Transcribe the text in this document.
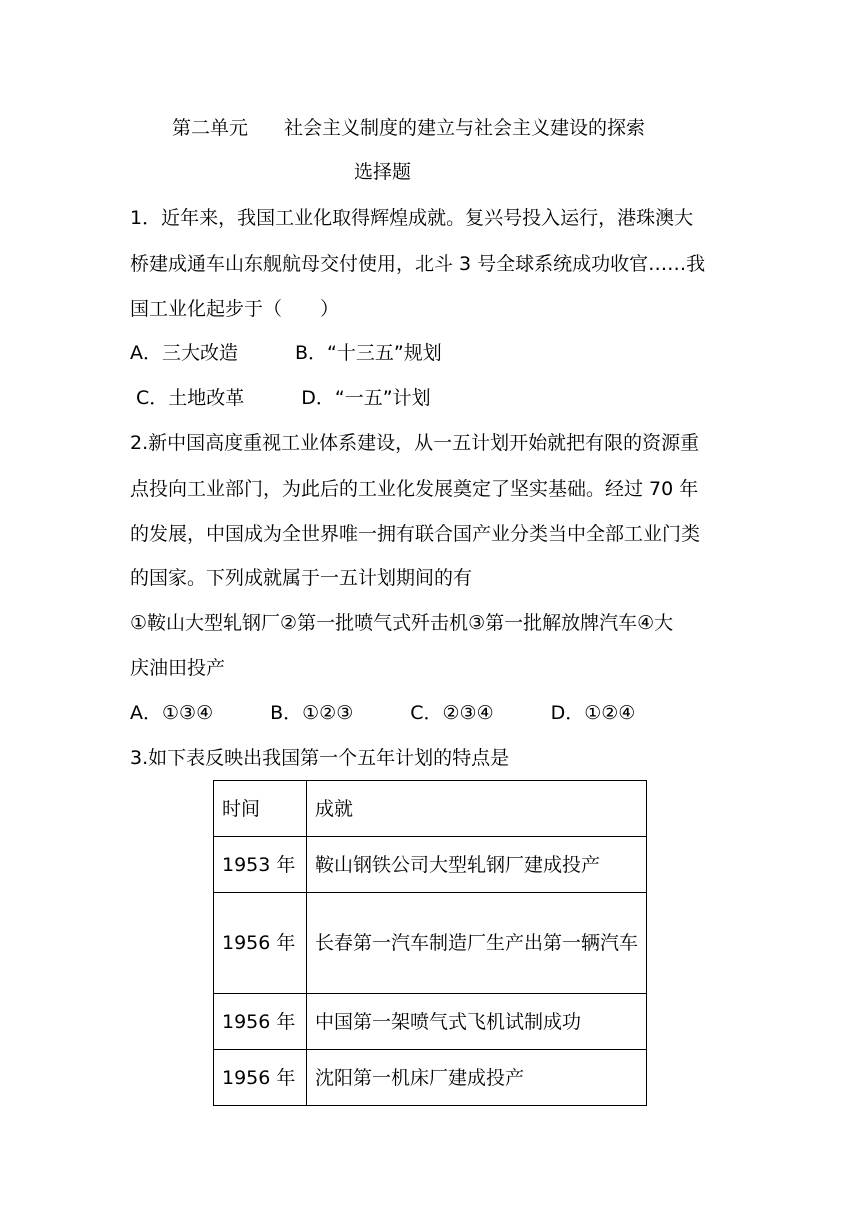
第二单元 社会主义制度的建立与社会主义建设的探索
选择题
1．近年来，我国工业化取得辉煌成就。复兴号投入运行，港珠澳大
桥建成通车山东舰航母交付使用，北斗 3 号全球系统成功收官……我
国工业化起步于（　　）
A．三大改造　　　B．“十三五”规划
C．土地改革　　　D．“一五”计划
2.新中国高度重视工业体系建设，从一五计划开始就把有限的资源重
点投向工业部门，为此后的工业化发展奠定了坚实基础。经过 70 年
的发展，中国成为全世界唯一拥有联合国产业分类当中全部工业门类
的国家。下列成就属于一五计划期间的有
①鞍山大型轧钢厂②第一批喷气式歼击机③第一批解放牌汽车④大
庆油田投产
A．①③④　　　B．①②③　　　C．②③④　　　D．①②④
3.如下表反映出我国第一个五年计划的特点是
时间	成就
1953 年	鞍山钢铁公司大型轧钢厂建成投产
1956 年	长春第一汽车制造厂生产出第一辆汽车
1956 年	中国第一架喷气式飞机试制成功
1956 年	沈阳第一机床厂建成投产
